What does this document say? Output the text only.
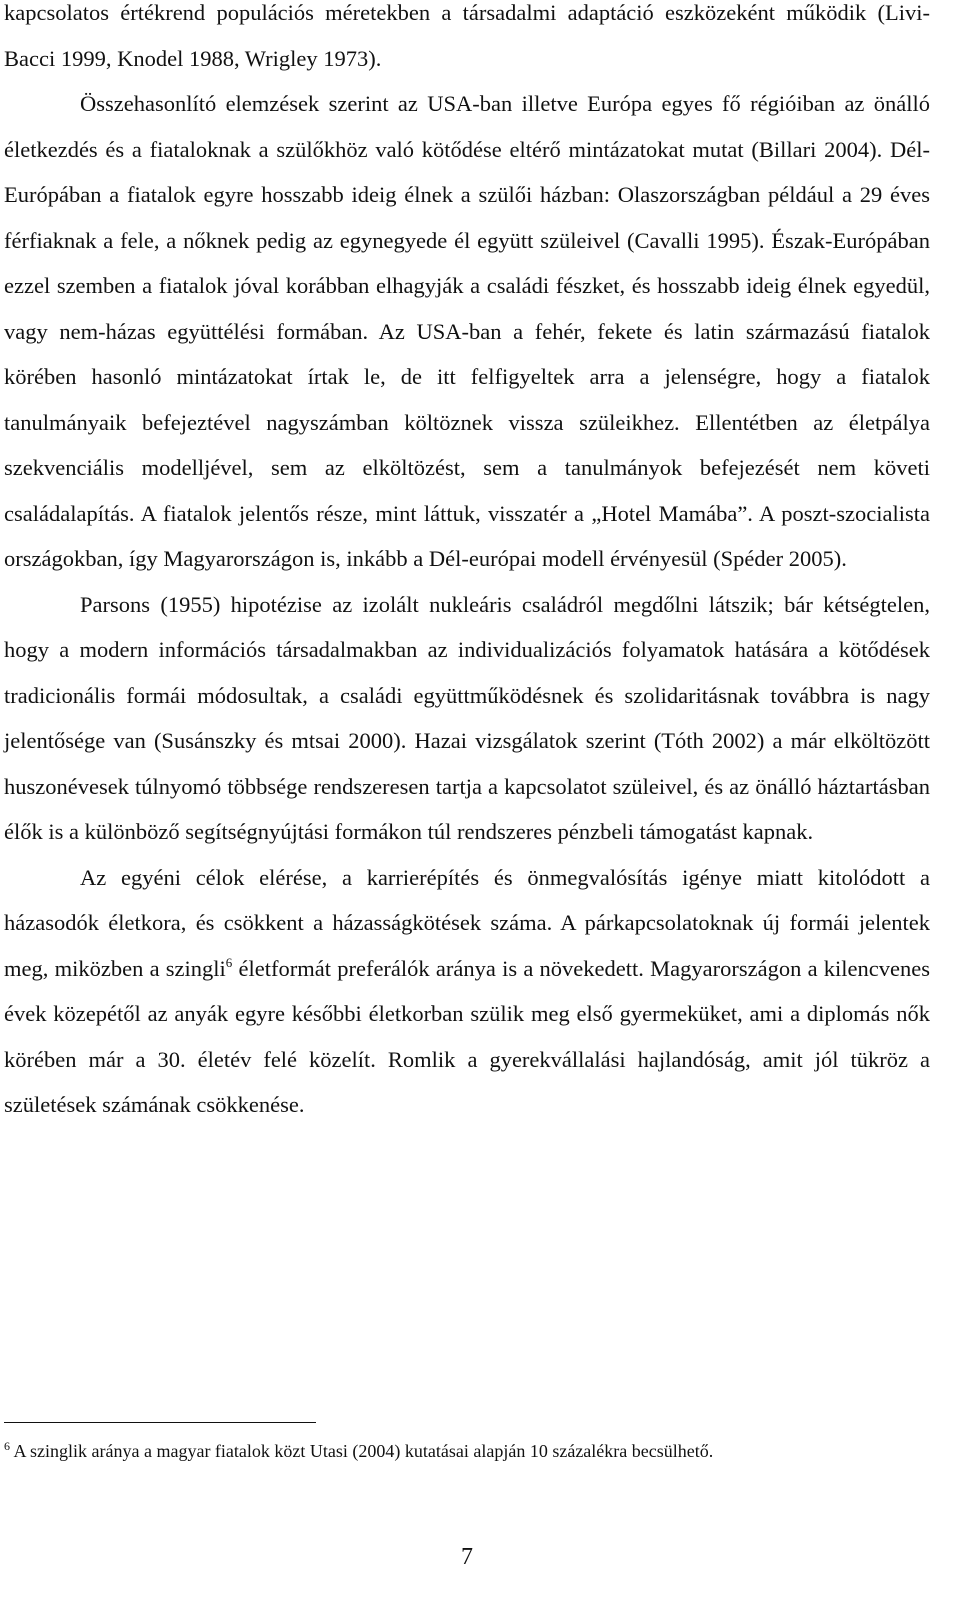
kapcsolatos értékrend populációs méretekben a társadalmi adaptáció eszközeként működik (Livi-Bacci 1999, Knodel 1988, Wrigley 1973).

Összehasonlító elemzések szerint az USA-ban illetve Európa egyes fő régióiban az önálló életkezdés és a fiataloknak a szülőkhöz való kötődése eltérő mintázatokat mutat (Billari 2004). Dél-Európában a fiatalok egyre hosszabb ideig élnek a szülői házban: Olaszországban például a 29 éves férfiaknak a fele, a nőknek pedig az egynegyede él együtt szüleivel (Cavalli 1995). Észak-Európában ezzel szemben a fiatalok jóval korábban elhagyják a családi fészket, és hosszabb ideig élnek egyedül, vagy nem-házas együttélési formában. Az USA-ban a fehér, fekete és latin származású fiatalok körében hasonló mintázatokat írtak le, de itt felfigyeltek arra a jelenségre, hogy a fiatalok tanulmányaik befejeztével nagyszámban költöznek vissza szüleikhez. Ellentétben az életpálya szekvenciális modelljével, sem az elköltözést, sem a tanulmányok befejezését nem követi családalapítás. A fiatalok jelentős része, mint láttuk, visszatér a „Hotel Mamába”. A poszt-szocialista országokban, így Magyarországon is, inkább a Dél-európai modell érvényesül (Spéder 2005).

Parsons (1955) hipotézise az izolált nukleáris családról megdőlni látszik; bár kétségtelen, hogy a modern információs társadalmakban az individualizációs folyamatok hatására a kötődések tradicionális formái módosultak, a családi együttműködésnek és szolidaritásnak továbbra is nagy jelentősége van (Susánszky és mtsai 2000). Hazai vizsgálatok szerint (Tóth 2002) a már elköltözött huszonévesek túlnyomó többsége rendszeresen tartja a kapcsolatot szüleivel, és az önálló háztartásban élők is a különböző segítségnyújtási formákon túl rendszeres pénzbeli támogatást kapnak.

Az egyéni célok elérése, a karrierépítés és önmegvalósítás igénye miatt kitolódott a házasodók életkora, és csökkent a házasságkötések száma. A párkapcsolatoknak új formái jelentek meg, miközben a szingli$^6$ életformát preferálók aránya is a növekedett. Magyarországon a kilencvenes évek közepétől az anyák egyre későbbi életkorban szülik meg első gyermeküket, ami a diplomás nők körében már a 30. életév felé közelít. Romlik a gyerekvállalási hajlandóság, amit jól tükröz a születések számának csökkenése.

$^6$ A szinglik aránya a magyar fiatalok közt Utasi (2004) kutatásai alapján 10 százalékra becsülhető.
7
